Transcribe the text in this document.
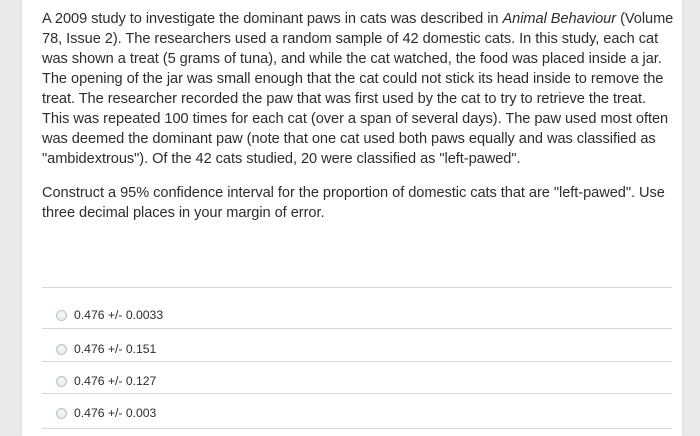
A 2009 study to investigate the dominant paws in cats was described in Animal Behaviour (Volume 78, Issue 2). The researchers used a random sample of 42 domestic cats. In this study, each cat was shown a treat (5 grams of tuna), and while the cat watched, the food was placed inside a jar. The opening of the jar was small enough that the cat could not stick its head inside to remove the treat. The researcher recorded the paw that was first used by the cat to try to retrieve the treat. This was repeated 100 times for each cat (over a span of several days). The paw used most often was deemed the dominant paw (note that one cat used both paws equally and was classified as "ambidextrous"). Of the 42 cats studied, 20 were classified as "left-pawed".

Construct a 95% confidence interval for the proportion of domestic cats that are "left-pawed". Use three decimal places in your margin of error.

0.476 +/- 0.0033
0.476 +/- 0.151
0.476 +/- 0.127
0.476 +/- 0.003
